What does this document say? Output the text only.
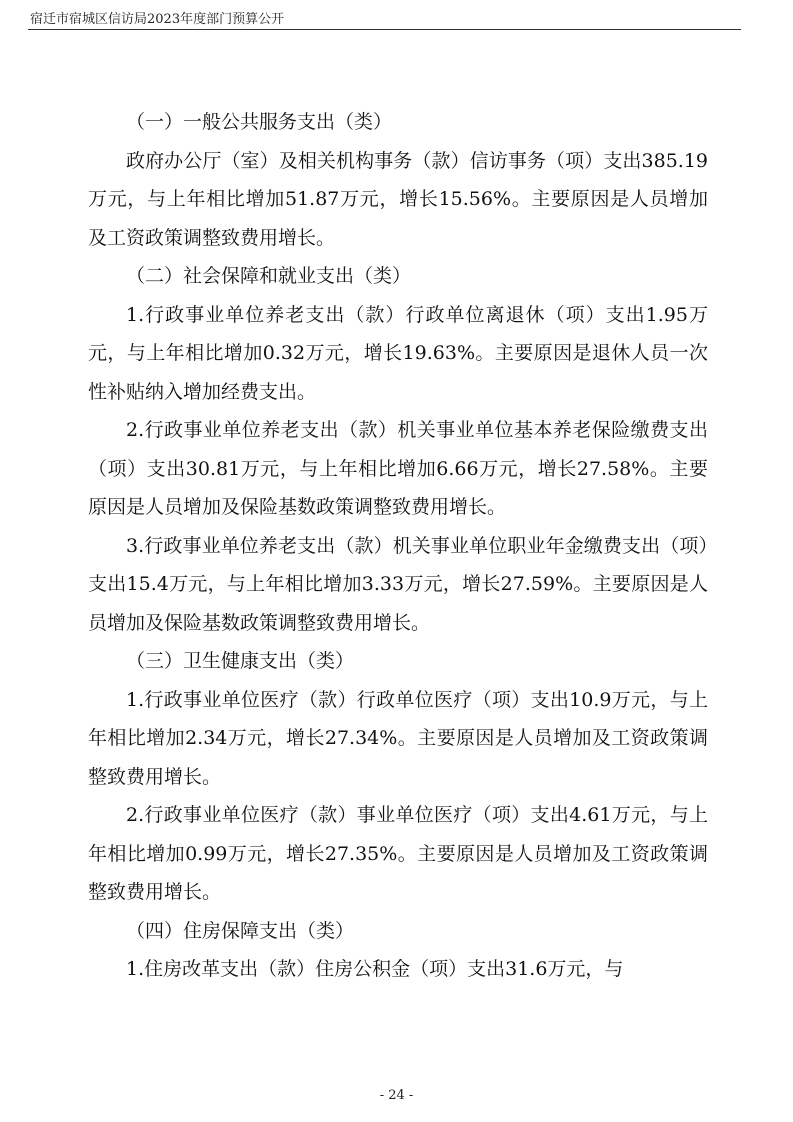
宿迁市宿城区信访局2023年度部门预算公开

（一）一般公共服务支出（类）

政府办公厅（室）及相关机构事务（款）信访事务（项）支出385.19万元，与上年相比增加51.87万元，增长15.56%。主要原因是人员增加及工资政策调整致费用增长。

（二）社会保障和就业支出（类）

1.行政事业单位养老支出（款）行政单位离退休（项）支出1.95万元，与上年相比增加0.32万元，增长19.63%。主要原因是退休人员一次性补贴纳入增加经费支出。

2.行政事业单位养老支出（款）机关事业单位基本养老保险缴费支出（项）支出30.81万元，与上年相比增加6.66万元，增长27.58%。主要原因是人员增加及保险基数政策调整致费用增长。

3.行政事业单位养老支出（款）机关事业单位职业年金缴费支出（项）支出15.4万元，与上年相比增加3.33万元，增长27.59%。主要原因是人员增加及保险基数政策调整致费用增长。

（三）卫生健康支出（类）

1.行政事业单位医疗（款）行政单位医疗（项）支出10.9万元，与上年相比增加2.34万元，增长27.34%。主要原因是人员增加及工资政策调整致费用增长。

2.行政事业单位医疗（款）事业单位医疗（项）支出4.61万元，与上年相比增加0.99万元，增长27.35%。主要原因是人员增加及工资政策调整致费用增长。

（四）住房保障支出（类）

1.住房改革支出（款）住房公积金（项）支出31.6万元，与

- 24 -
